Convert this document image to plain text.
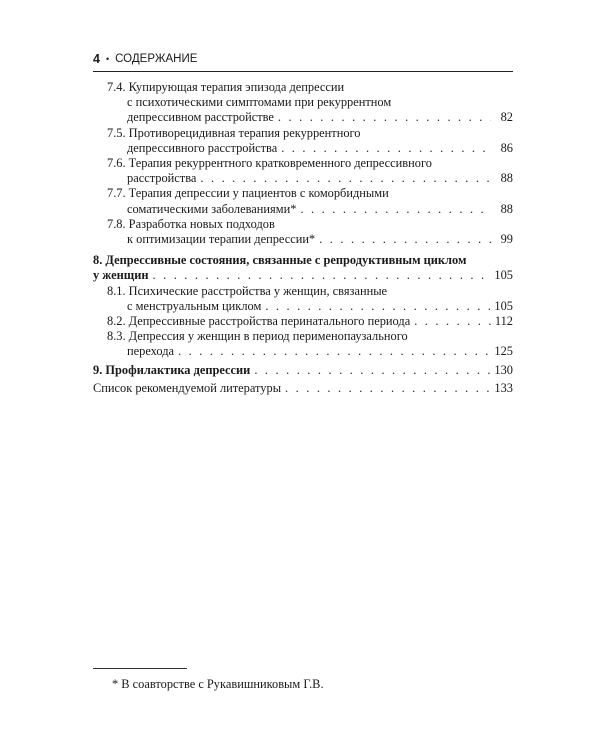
4 • СОДЕРЖАНИЕ
7.4. Купирующая терапия эпизода депрессии
с психотическими симптомами при рекуррентном
депрессивном расстройстве . . .	82
7.5. Противорецидивная терапия рекуррентного
депрессивного расстройства . . .	86
7.6. Терапия рекуррентного кратковременного депрессивного
расстройства . . .	88
7.7. Терапия депрессии у пациентов с коморбидными
соматическими заболеваниями* . . .	88
7.8. Разработка новых подходов
к оптимизации терапии депрессии* . . .	99
8. Депрессивные состояния, связанные с репродуктивным циклом
у женщин . . .	105
8.1. Психические расстройства у женщин, связанные
с менструальным циклом . . .	105
8.2. Депрессивные расстройства перинатального периода . . .	112
8.3. Депрессия у женщин в период перименопаузального
перехода . . .	125
9. Профилактика депрессии . . .	130
Список рекомендуемой литературы . . .	133
* В соавторстве с Рукавишниковым Г.В.
